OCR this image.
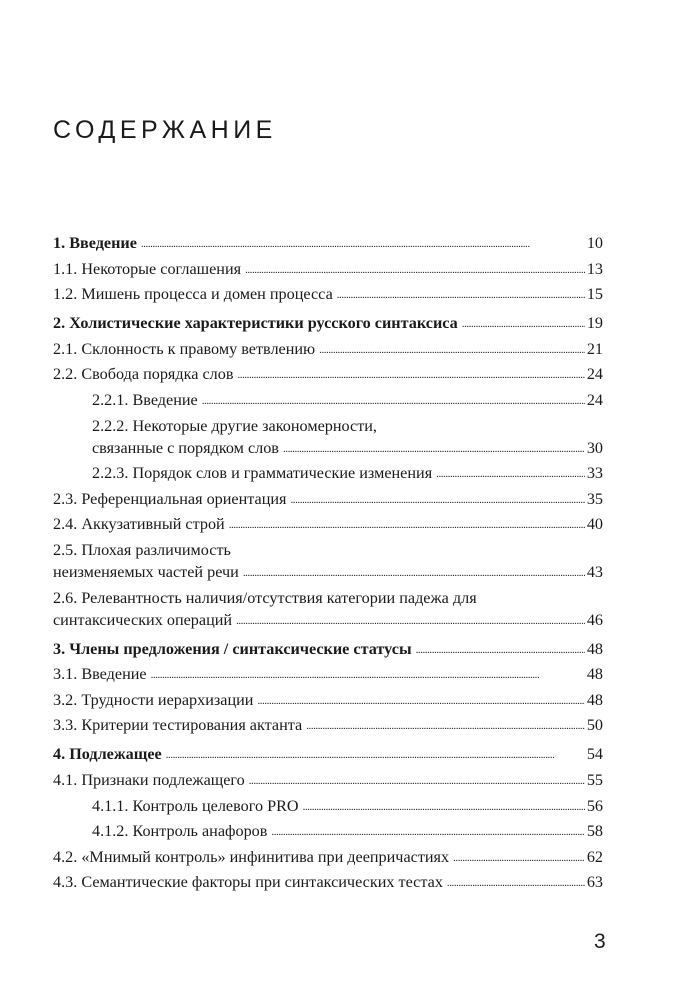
СОДЕРЖАНИЕ
1. Введение . . .	10
1.1. Некоторые соглашения . . .	13
1.2. Мишень процесса и домен процесса . . .	15
2. Холистические характеристики русского синтаксиса . . .	19
2.1. Склонность к правому ветвлению . . .	21
2.2. Свобода порядка слов . . .	24
2.2.1. Введение . . .	24
2.2.2. Некоторые другие закономерности,
связанные с порядком слов . . .	30
2.2.3. Порядок слов и грамматические изменения . . .	33
2.3. Референциальная ориентация . . .	35
2.4. Аккузативный строй . . .	40
2.5. Плохая различимость
неизменяемых частей речи . . .	43
2.6. Релевантность наличия/отсутствия категории падежа для
синтаксических операций . . .	46
3. Члены предложения / синтаксические статусы . . .	48
3.1. Введение . . .	48
3.2. Трудности иерархизации . . .	48
3.3. Критерии тестирования актанта . . .	50
4. Подлежащее . . .	54
4.1. Признаки подлежащего . . .	55
4.1.1. Контроль целевого PRO . . .	56
4.1.2. Контроль анафоров . . .	58
4.2. «Мнимый контроль» инфинитива при деепричастиях . . .	62
4.3. Семантические факторы при синтаксических тестах . . .	63
3
